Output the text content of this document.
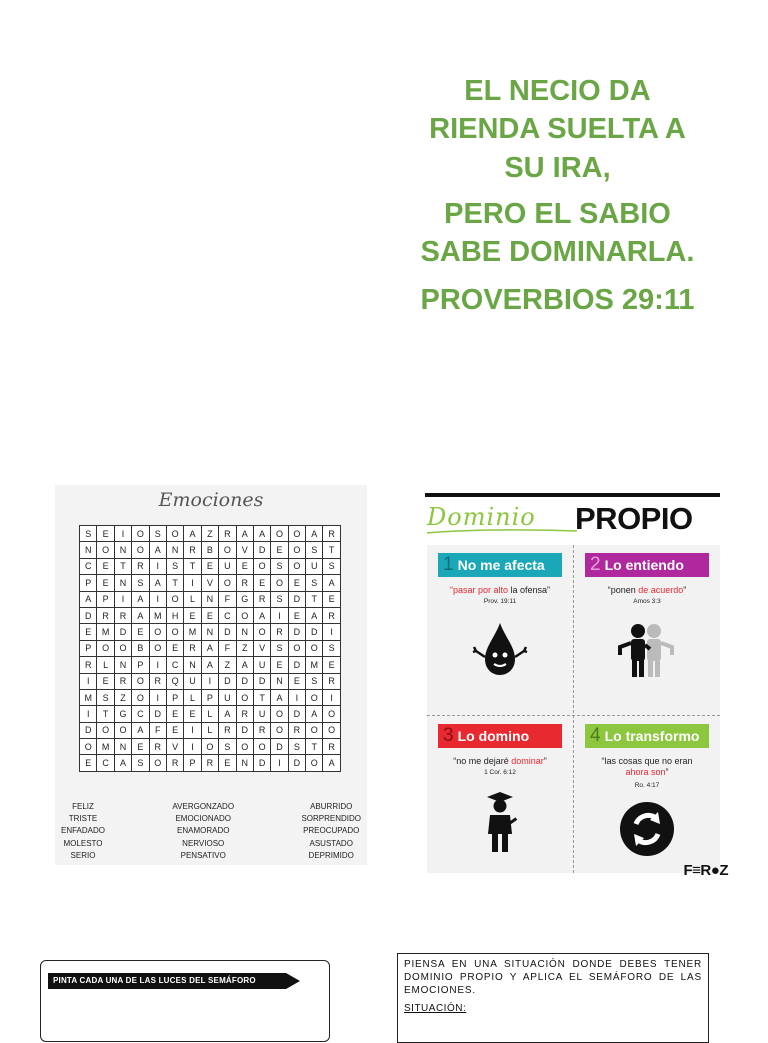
EL NECIO DA

RIENDA SUELTA A

SU IRA,

PERO EL SABIO

SABE DOMINARLA.

PROVERBIOS 29:11

Emociones
S	E	I	O	S	O	A	Z	R	A	A	O	O	A	R
N	O	N	O	A	N	R	B	O	V	D	E	O	S	T
C	E	T	R	I	S	T	E	U	E	O	S	O	U	S
P	E	N	S	A	T	I	V	O	R	E	O	E	S	A
A	P	I	A	I	O	L	N	F	G	R	S	D	T	E
D	R	R	A	M	H	E	E	C	O	A	I	E	A	R
E	M	D	E	O	O	M	N	D	N	O	R	D	D	I
P	O	O	B	O	E	R	A	F	Z	V	S	O	O	S
R	L	N	P	I	C	N	A	Z	A	U	E	D	M	E
I	E	R	O	R	Q	U	I	D	D	D	N	E	S	R
M	S	Z	O	I	P	L	P	U	O	T	A	I	O	I
I	T	G	C	D	E	E	L	A	R	U	O	D	A	O
D	O	O	A	F	E	I	L	R	D	R	O	R	O	O
O	M	N	E	R	V	I	O	S	O	O	D	S	T	R
E	C	A	S	O	R	P	R	E	N	D	I	D	O	A
FELIZ
TRISTE
ENFADADO
MOLESTO
SERIO
AVERGONZADO
EMOCIONADO
ENAMORADO
NERVIOSO
PENSATIVO
ABURRIDO
SORPRENDIDO
PREOCUPADO
ASUSTADO
DEPRIMIDO
Dominio PROPIO
1 No me afecta
“pasar por alto la ofensa”
Prov. 19:11
2 Lo entiendo
“ponen de acuerdo”
Amos 3:3
3 Lo domino
“no me dejaré dominar”
1 Cor. 6:12
4 Lo transformo
“las cosas que no eran
ahora son”
Ro. 4:17
F≡R●Z
PINTA CADA UNA DE LAS LUCES DEL SEMÁFORO
PIENSA EN UNA SITUACIÓN DONDE DEBES TENER DOMINIO PROPIO Y APLICA EL SEMÁFORO DE LAS EMOCIONES.
SITUACIÓN:
